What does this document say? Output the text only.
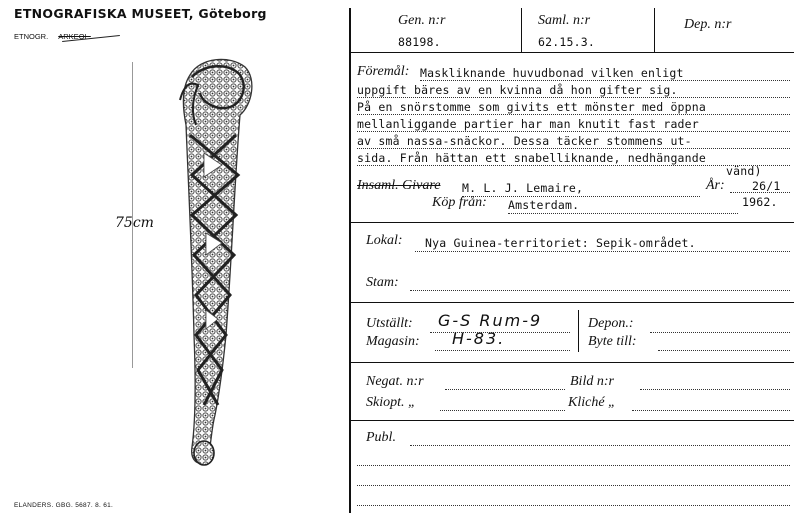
ETNOGRAFISKA MUSEET, Göteborg
ETNOGR. ARKEOL.
75cm
ELANDERS. GBG. 5687. 8. 61.
Gen. n:r
88198.
Saml. n:r
62.15.3.
Dep. n:r
Föremål: Maskliknande huvudbonad vilken enligt
uppgift bäres av en kvinna då hon gifter sig.
På en snörstomme som givits ett mönster med öppna
mellanliggande partier har man knutit fast rader
av små nassa-snäckor. Dessa täcker stommens ut-
sida. Från hättan ett snabelliknande, nedhängande
vänd)
Insaml. Givare M. L. J. Lemaire,	År: 26/1
1962.
Köp från: Amsterdam.
Lokal: Nya Guinea-territoriet: Sepik-området.
Stam:
Utställt: G-S Rum-9
Magasin: H-83.
Depon.:
Byte till:
Negat. n:r	Bild n:r
Skiopt. „	Kliché „
Publ.
